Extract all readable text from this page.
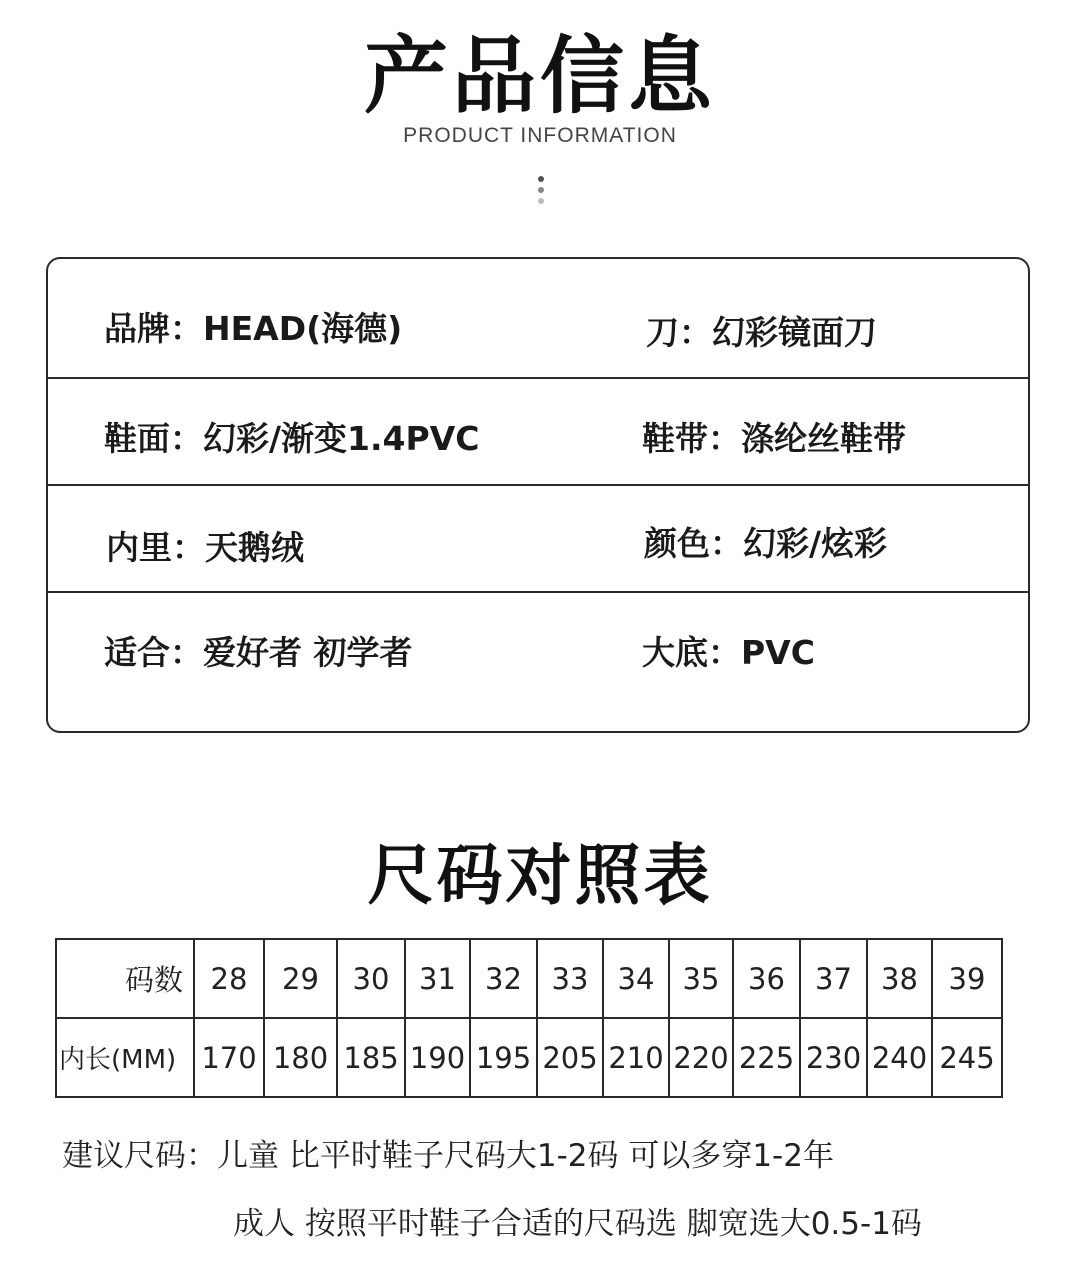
产品信息
PRODUCT INFORMATION
品牌：HEAD(海德)	刀：幻彩镜面刀
鞋面：幻彩/渐变1.4PVC	鞋带：涤纶丝鞋带
内里：天鹅绒	颜色：幻彩/炫彩
适合：爱好者 初学者	大底：PVC
尺码对照表
码数	28	29	30	31	32	33	34	35	36	37	38	39
内长(MM)	170	180	185	190	195	205	210	220	225	230	240	245
建议尺码：儿童 比平时鞋子尺码大1-2码 可以多穿1-2年
成人 按照平时鞋子合适的尺码选 脚宽选大0.5-1码
